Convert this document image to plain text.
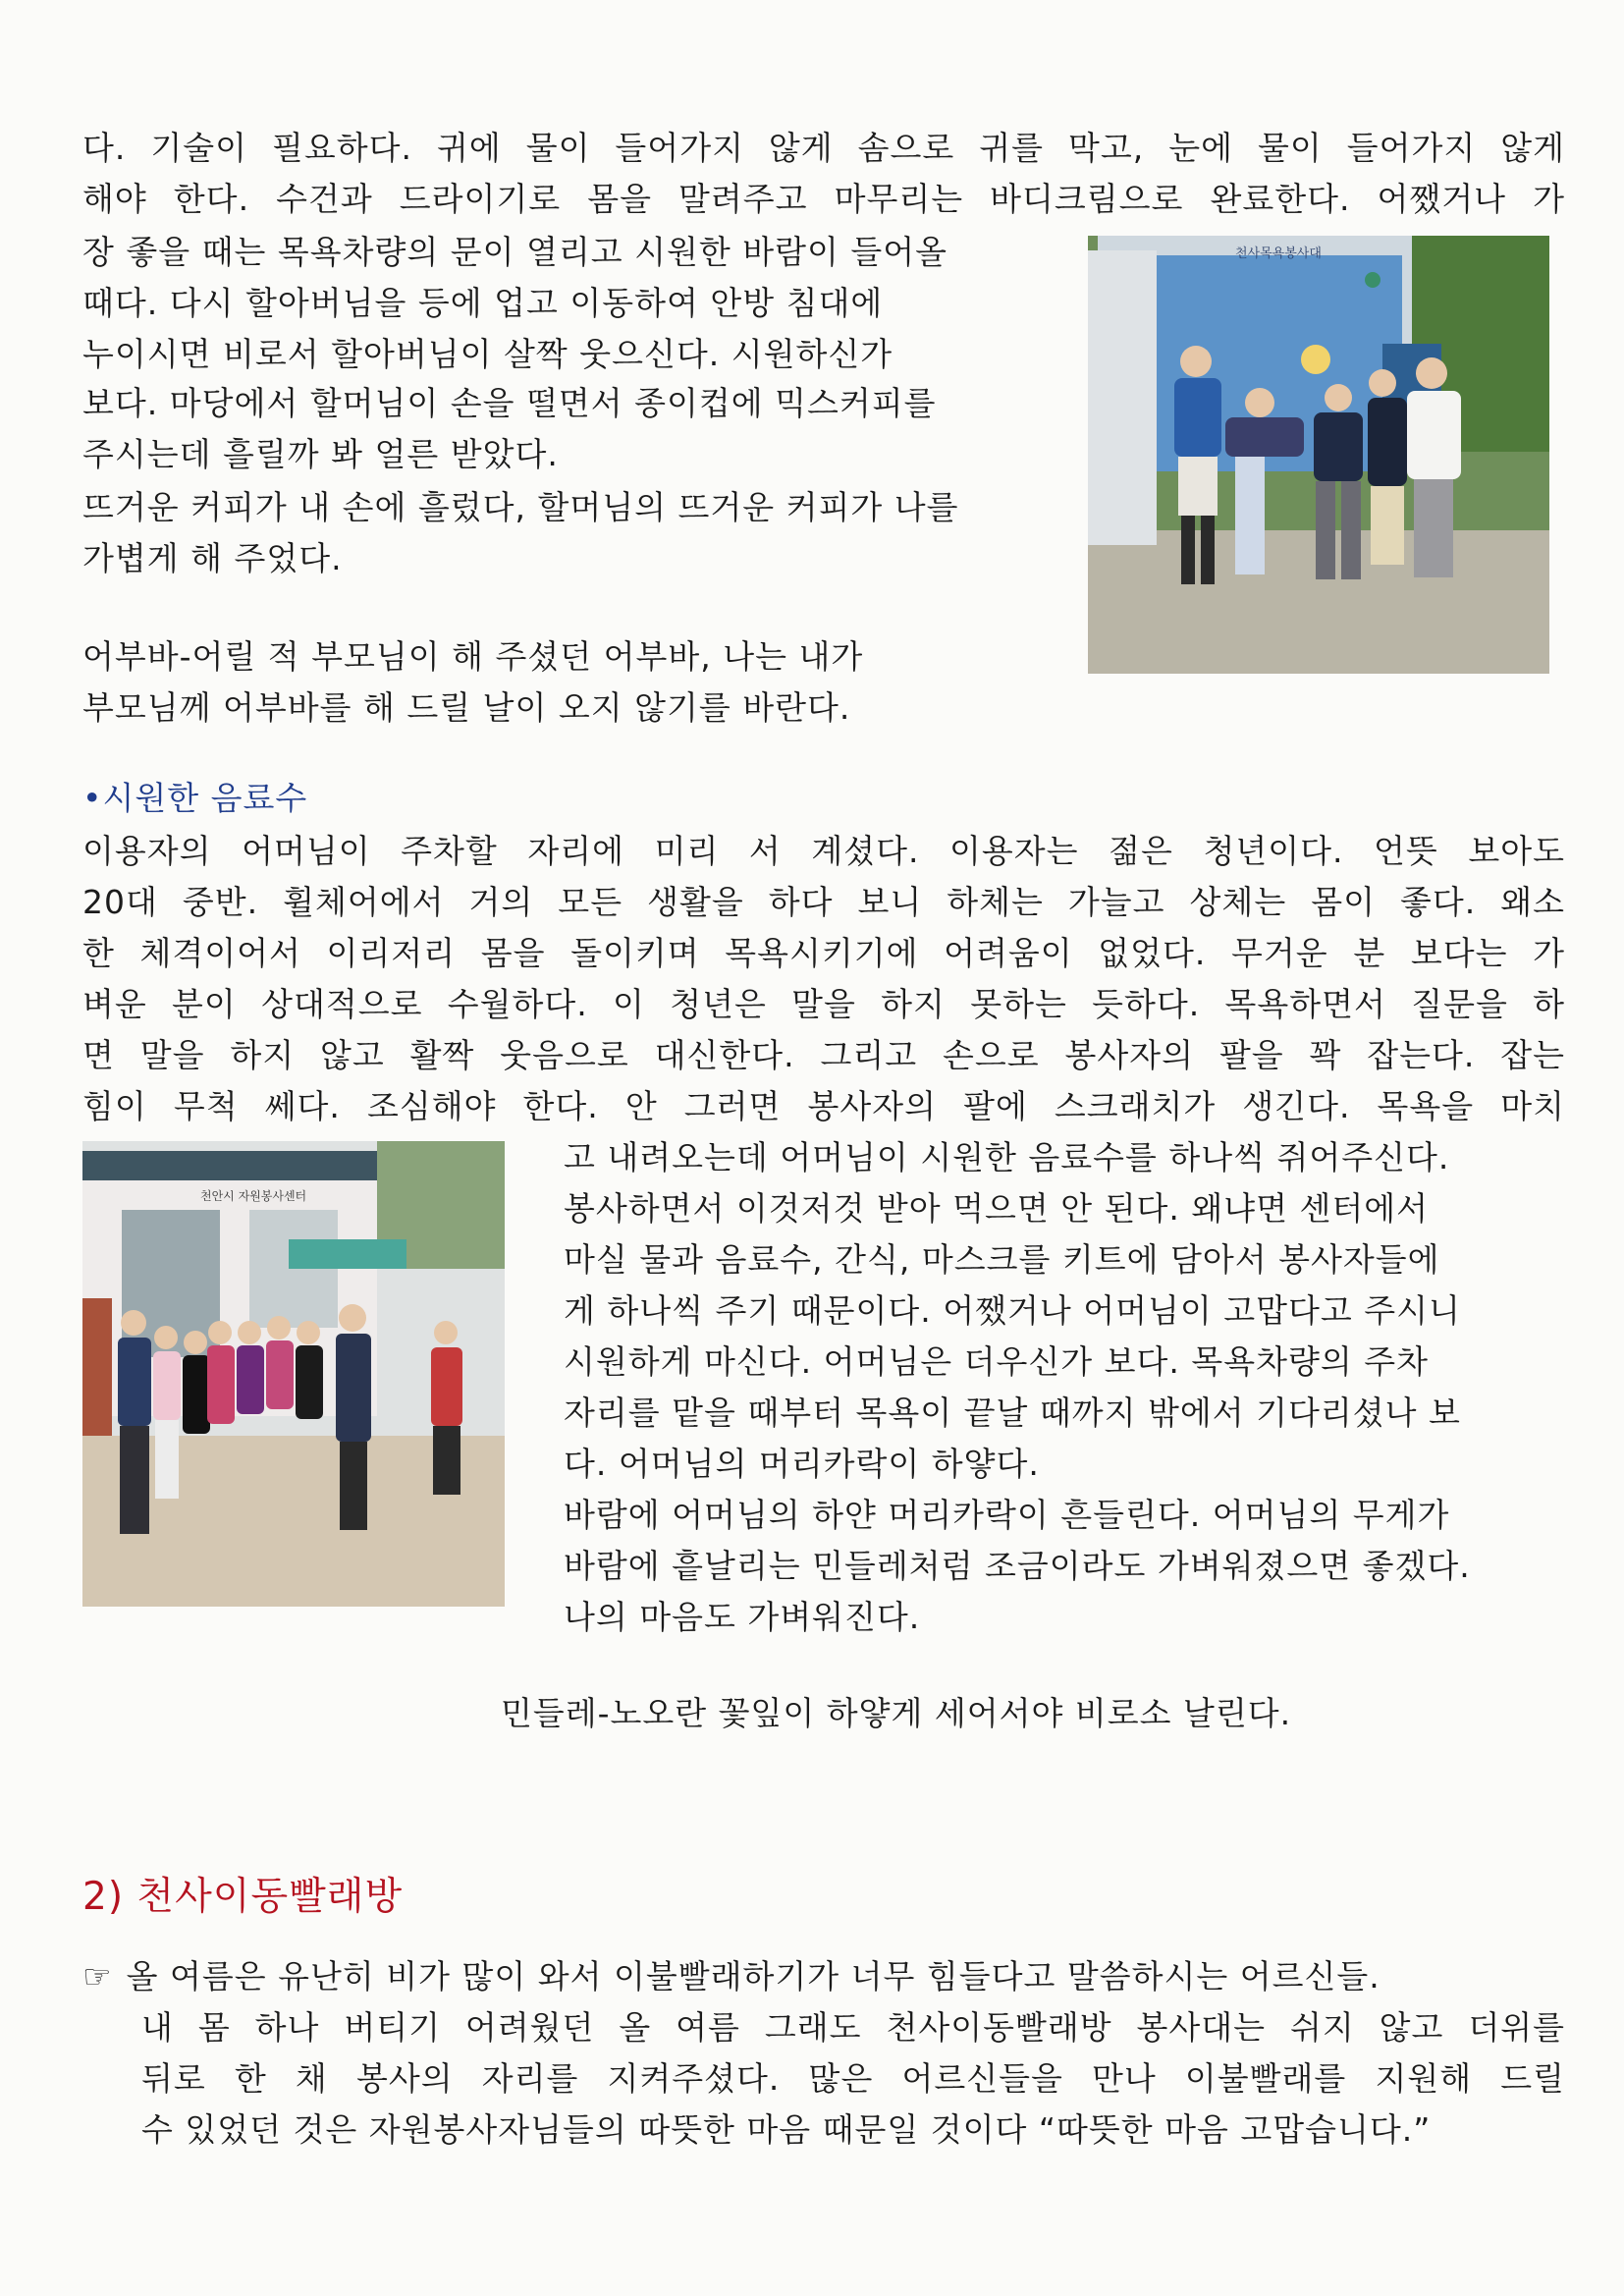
다. 기술이 필요하다. 귀에 물이 들어가지 않게 솜으로 귀를 막고, 눈에 물이 들어가지 않게

해야 한다. 수건과 드라이기로 몸을 말려주고 마무리는 바디크림으로 완료한다. 어쨌거나 가

장 좋을 때는 목욕차량의 문이 열리고 시원한 바람이 들어올

때다. 다시 할아버님을 등에 업고 이동하여 안방 침대에

누이시면 비로서 할아버님이 살짝 웃으신다. 시원하신가

보다. 마당에서 할머님이 손을 떨면서 종이컵에 믹스커피를

주시는데 흘릴까 봐 얼른 받았다.

뜨거운 커피가 내 손에 흘렀다, 할머님의 뜨거운 커피가 나를

가볍게 해 주었다.

어부바-어릴 적 부모님이 해 주셨던 어부바, 나는 내가

부모님께 어부바를 해 드릴 날이 오지 않기를 바란다.

천사목욕봉사대
•시원한 음료수

이용자의 어머님이 주차할 자리에 미리 서 계셨다. 이용자는 젊은 청년이다. 언뜻 보아도

20대 중반. 휠체어에서 거의 모든 생활을 하다 보니 하체는 가늘고 상체는 몸이 좋다. 왜소

한 체격이어서 이리저리 몸을 돌이키며 목욕시키기에 어려움이 없었다. 무거운 분 보다는 가

벼운 분이 상대적으로 수월하다. 이 청년은 말을 하지 못하는 듯하다. 목욕하면서 질문을 하

면 말을 하지 않고 활짝 웃음으로 대신한다. 그리고 손으로 봉사자의 팔을 꽉 잡는다. 잡는

힘이 무척 쎄다. 조심해야 한다. 안 그러면 봉사자의 팔에 스크래치가 생긴다. 목욕을 마치

천안시 자원봉사센터

고 내려오는데 어머님이 시원한 음료수를 하나씩 쥐어주신다.

봉사하면서 이것저것 받아 먹으면 안 된다. 왜냐면 센터에서

마실 물과 음료수, 간식, 마스크를 키트에 담아서 봉사자들에

게 하나씩 주기 때문이다. 어쨌거나 어머님이 고맙다고 주시니

시원하게 마신다. 어머님은 더우신가 보다. 목욕차량의 주차

자리를 맡을 때부터 목욕이 끝날 때까지 밖에서 기다리셨나 보

다. 어머님의 머리카락이 하얗다.

바람에 어머님의 하얀 머리카락이 흔들린다. 어머님의 무게가

바람에 흩날리는 민들레처럼 조금이라도 가벼워졌으면 좋겠다.

나의 마음도 가벼워진다.

민들레-노오란 꽃잎이 하얗게 세어서야 비로소 날린다.

2) 천사이동빨래방

☞ 올 여름은 유난히 비가 많이 와서 이불빨래하기가 너무 힘들다고 말씀하시는 어르신들.

내 몸 하나 버티기 어려웠던 올 여름 그래도 천사이동빨래방 봉사대는 쉬지 않고 더위를

뒤로 한 채 봉사의 자리를 지켜주셨다. 많은 어르신들을 만나 이불빨래를 지원해 드릴

수 있었던 것은 자원봉사자님들의 따뜻한 마음 때문일 것이다 “따뜻한 마음 고맙습니다.”
